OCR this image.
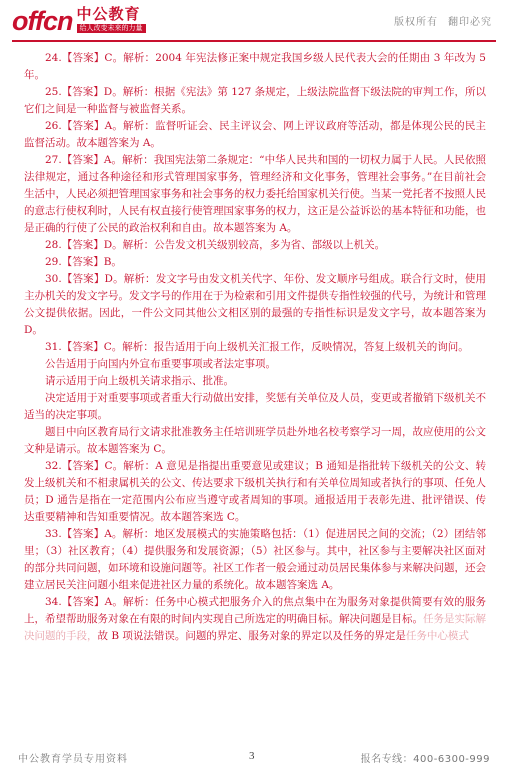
offcn 中公教育
给人改变未来的力量	版权所有 翻印必究

24.【答案】C。解析：2004 年宪法修正案中规定我国乡级人民代表大会的任期由 3 年改为 5 年。

25.【答案】D。解析：根据《宪法》第 127 条规定，上级法院监督下级法院的审判工作，所以它们之间是一种监督与被监督关系。

26.【答案】A。解析：监督听证会、民主评议会、网上评议政府等活动，都是体现公民的民主监督活动。故本题答案为 A。

27.【答案】A。解析：我国宪法第二条规定：“中华人民共和国的一切权力属于人民。人民依照法律规定，通过各种途径和形式管理国家事务，管理经济和文化事务，管理社会事务。”在目前社会生活中，人民必须把管理国家事务和社会事务的权力委托给国家机关行使。当某一党托者不按照人民的意志行使权利时，人民有权直接行使管理国家事务的权力，这正是公益诉讼的基本特征和功能，也是正确的行使了公民的政治权利和自由。故本题答案为 A。

28.【答案】D。解析：公告发文机关级别较高，多为省、部级以上机关。

29.【答案】B。

30.【答案】D。解析：发文字号由发文机关代字、年份、发文顺序号组成。联合行文时，使用主办机关的发文字号。发文字号的作用在于为检索和引用文件提供专指性较强的代号，为统计和管理公文提供依据。因此，一件公文同其他公文相区别的最强的专指性标识是发文字号，故本题答案为 D。

31.【答案】C。解析：报告适用于向上级机关汇报工作，反映情况，答复上级机关的询问。

公告适用于向国内外宣布重要事项或者法定事项。

请示适用于向上级机关请求指示、批准。

决定适用于对重要事项或者重大行动做出安排，奖惩有关单位及人员，变更或者撤销下级机关不适当的决定事项。

题目中向区教育局行文请求批准教务主任培训班学员赴外地名校考察学习一周，故应使用的公文文种是请示。故本题答案为 C。

32.【答案】C。解析：A 意见是指提出重要意见或建议；B 通知是指批转下级机关的公文、转发上级机关和不相隶属机关的公文、传达要求下级机关执行和有关单位周知或者执行的事项、任免人员；D 通告是指在一定范围内公布应当遵守或者周知的事项。通报适用于表彰先进、批评错误、传达重要精神和告知重要情况。故本题答案选 C。

33.【答案】A。解析：地区发展模式的实施策略包括：（1）促进居民之间的交流；（2）团结邻里；（3）社区教育；（4）提供服务和发展资源；（5）社区参与。其中，社区参与主要解决社区面对的部分共同问题，如环境和设施问题等。社区工作者一般会通过动员居民集体参与来解决问题，还会建立居民关注问题小组来促进社区力量的系统化。故本题答案选 A。

34.【答案】A。解析：任务中心模式把服务介入的焦点集中在为服务对象提供简要有效的服务上，希望帮助服务对象在有限的时间内实现自己所选定的明确目标。解决问题是目标。任务是实际解决问题的手段，故 B 项说法错误。问题的界定、服务对象的界定以及任务的界定是任务中心模式

中公教育学员专用资料	3	报名专线：400-6300-999
